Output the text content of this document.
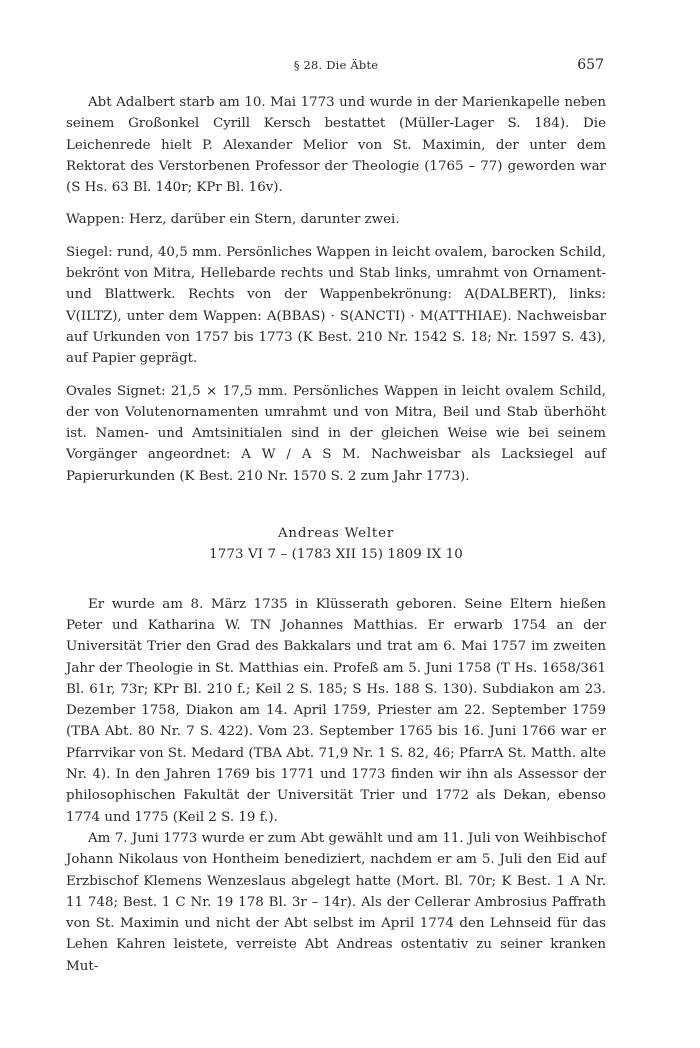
§ 28. Die Äbte	657

Abt Adalbert starb am 10. Mai 1773 und wurde in der Marienkapelle neben seinem Großonkel Cyrill Kersch bestattet (Müller-Lager S. 184). Die Leichenrede hielt P. Alexander Melior von St. Maximin, der unter dem Rektorat des Verstorbenen Professor der Theologie (1765 – 77) geworden war (S Hs. 63 Bl. 140r; KPr Bl. 16v).

Wappen: Herz, darüber ein Stern, darunter zwei.

Siegel: rund, 40,5 mm. Persönliches Wappen in leicht ovalem, barocken Schild, bekrönt von Mitra, Hellebarde rechts und Stab links, umrahmt von Ornament- und Blattwerk. Rechts von der Wappenbekrönung: A(DALBERT), links: V(ILTZ), unter dem Wappen: A(BBAS) · S(ANCTI) · M(ATTHIAE). Nachweisbar auf Urkunden von 1757 bis 1773 (K Best. 210 Nr. 1542 S. 18; Nr. 1597 S. 43), auf Papier geprägt.

Ovales Signet: 21,5 × 17,5 mm. Persönliches Wappen in leicht ovalem Schild, der von Volutenornamenten umrahmt und von Mitra, Beil und Stab überhöht ist. Namen- und Amtsinitialen sind in der gleichen Weise wie bei seinem Vorgänger angeordnet: A W / A S M. Nachweisbar als Lacksiegel auf Papierurkunden (K Best. 210 Nr. 1570 S. 2 zum Jahr 1773).

Andreas Welter

1773 VI 7 – (1783 XII 15) 1809 IX 10

Er wurde am 8. März 1735 in Klüsserath geboren. Seine Eltern hießen Peter und Katharina W. TN Johannes Matthias. Er erwarb 1754 an der Universität Trier den Grad des Bakkalars und trat am 6. Mai 1757 im zweiten Jahr der Theologie in St. Matthias ein. Profeß am 5. Juni 1758 (T Hs. 1658/361 Bl. 61r, 73r; KPr Bl. 210 f.; Keil 2 S. 185; S Hs. 188 S. 130). Subdiakon am 23. Dezember 1758, Diakon am 14. April 1759, Priester am 22. September 1759 (TBA Abt. 80 Nr. 7 S. 422). Vom 23. September 1765 bis 16. Juni 1766 war er Pfarrvikar von St. Medard (TBA Abt. 71,9 Nr. 1 S. 82, 46; PfarrA St. Matth. alte Nr. 4). In den Jahren 1769 bis 1771 und 1773 finden wir ihn als Assessor der philosophischen Fakultät der Universität Trier und 1772 als Dekan, ebenso 1774 und 1775 (Keil 2 S. 19 f.).

Am 7. Juni 1773 wurde er zum Abt gewählt und am 11. Juli von Weihbischof Johann Nikolaus von Hontheim benediziert, nachdem er am 5. Juli den Eid auf Erzbischof Klemens Wenzeslaus abgelegt hatte (Mort. Bl. 70r; K Best. 1 A Nr. 11 748; Best. 1 C Nr. 19 178 Bl. 3r – 14r). Als der Cellerar Ambrosius Paffrath von St. Maximin und nicht der Abt selbst im April 1774 den Lehnseid für das Lehen Kahren leistete, verreiste Abt Andreas ostentativ zu seiner kranken Mut-
